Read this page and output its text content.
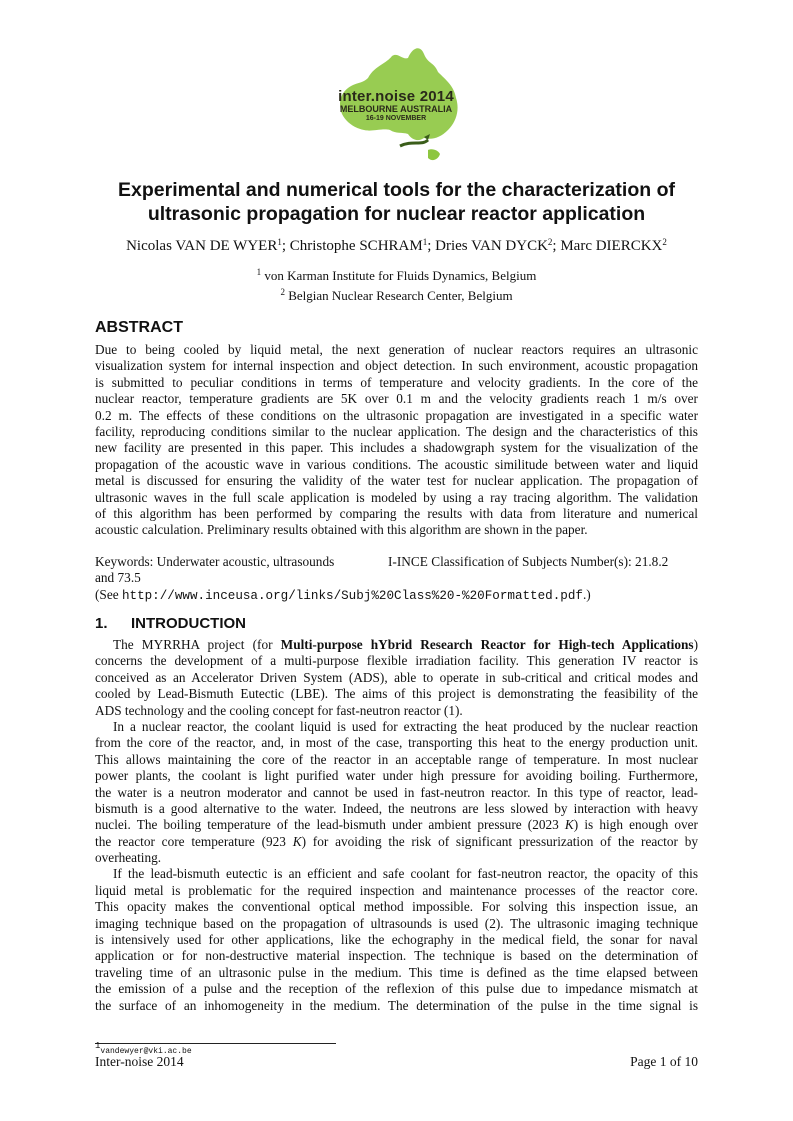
inter.noise 2014
MELBOURNE AUSTRALIA
16-19 NOVEMBER
Experimental and numerical tools for the characterization of
ultrasonic propagation for nuclear reactor application
Nicolas VAN DE WYER$^1$; Christophe SCHRAM$^1$; Dries VAN DYCK$^2$; Marc DIERCKX$^2$
$^1$ von Karman Institute for Fluids Dynamics, Belgium
$^2$ Belgian Nuclear Research Center, Belgium
ABSTRACT
Due to being cooled by liquid metal, the next generation of nuclear reactors requires an ultrasonic
visualization system for internal inspection and object detection. In such environment, acoustic propagation
is submitted to peculiar conditions in terms of temperature and velocity gradients. In the core of the
nuclear reactor, temperature gradients are 5K over 0.1 m and the velocity gradients reach 1 m/s over
0.2 m. The effects of these conditions on the ultrasonic propagation are investigated in a specific water
facility, reproducing conditions similar to the nuclear application. The design and the characteristics of this
new facility are presented in this paper. This includes a shadowgraph system for the visualization of the
propagation of the acoustic wave in various conditions. The acoustic similitude between water and liquid
metal is discussed for ensuring the validity of the water test for nuclear application. The propagation of
ultrasonic waves in the full scale application is modeled by using a ray tracing algorithm. The validation
of this algorithm has been performed by comparing the results with data from literature and numerical
acoustic calculation. Preliminary results obtained with this algorithm are shown in the paper.
Keywords: Underwater acoustic, ultrasounds	I-INCE Classification of Subjects Number(s): 21.8.2
and 73.5
(See http://www.inceusa.org/links/Subj%20Class%20-%20Formatted.pdf.)
1. INTRODUCTION
The MYRRHA project (for Multi-purpose hYbrid Research Reactor for High-tech Applications)
concerns the development of a multi-purpose flexible irradiation facility. This generation IV reactor is
conceived as an Accelerator Driven System (ADS), able to operate in sub-critical and critical modes and
cooled by Lead-Bismuth Eutectic (LBE). The aims of this project is demonstrating the feasibility of the
ADS technology and the cooling concept for fast-neutron reactor (1).
In a nuclear reactor, the coolant liquid is used for extracting the heat produced by the nuclear reaction
from the core of the reactor, and, in most of the case, transporting this heat to the energy production unit.
This allows maintaining the core of the reactor in an acceptable range of temperature. In most nuclear
power plants, the coolant is light purified water under high pressure for avoiding boiling. Furthermore,
the water is a neutron moderator and cannot be used in fast-neutron reactor. In this type of reactor, lead-
bismuth is a good alternative to the water. Indeed, the neutrons are less slowed by interaction with heavy
nuclei. The boiling temperature of the lead-bismuth under ambient pressure (2023 K) is high enough over
the reactor core temperature (923 K) for avoiding the risk of significant pressurization of the reactor by
overheating.
If the lead-bismuth eutectic is an efficient and safe coolant for fast-neutron reactor, the opacity of this
liquid metal is problematic for the required inspection and maintenance processes of the reactor core.
This opacity makes the conventional optical method impossible. For solving this inspection issue, an
imaging technique based on the propagation of ultrasounds is used (2). The ultrasonic imaging technique
is intensively used for other applications, like the echography in the medical field, the sonar for naval
application or for non-destructive material inspection. The technique is based on the determination of
traveling time of an ultrasonic pulse in the medium. This time is defined as the time elapsed between
the emission of a pulse and the reception of the reflexion of this pulse due to impedance mismatch at
the surface of an inhomogeneity in the medium. The determination of the pulse in the time signal is
$^1$vandewyer@vki.ac.be
Inter-noise 2014	Page 1 of 10
